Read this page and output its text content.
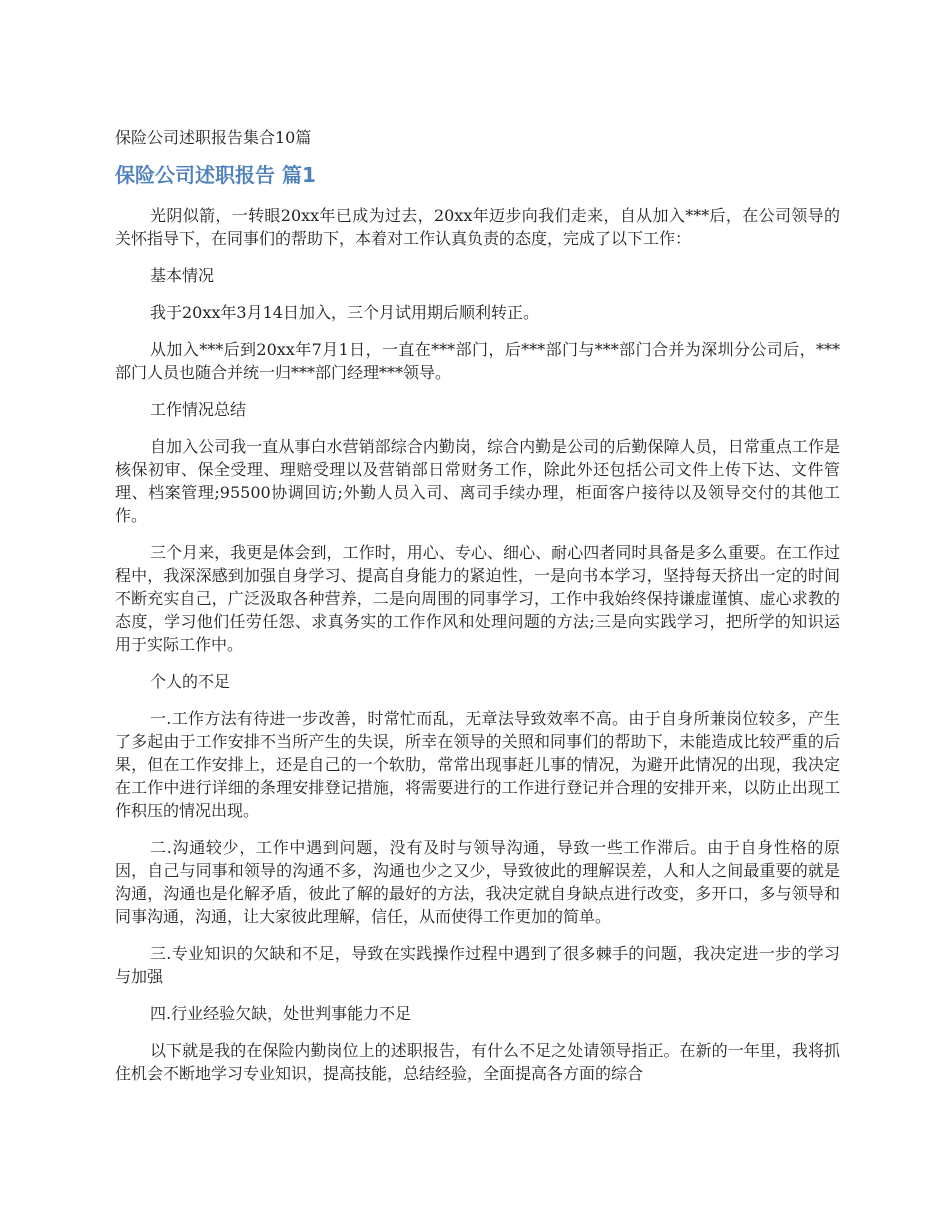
保险公司述职报告集合10篇

保险公司述职报告 篇1

光阴似箭，一转眼20xx年已成为过去，20xx年迈步向我们走来，自从加入***后，在公司领导的关怀指导下，在同事们的帮助下，本着对工作认真负责的态度，完成了以下工作：

基本情况

我于20xx年3月14日加入，三个月试用期后顺利转正。

从加入***后到20xx年7月1日，一直在***部门，后***部门与***部门合并为深圳分公司后，***部门人员也随合并统一归***部门经理***领导。

工作情况总结

自加入公司我一直从事白水营销部综合内勤岗，综合内勤是公司的后勤保障人员，日常重点工作是核保初审、保全受理、理赔受理以及营销部日常财务工作，除此外还包括公司文件上传下达、文件管理、档案管理;95500协调回访;外勤人员入司、离司手续办理，柜面客户接待以及领导交付的其他工作。

三个月来，我更是体会到，工作时，用心、专心、细心、耐心四者同时具备是多么重要。在工作过程中，我深深感到加强自身学习、提高自身能力的紧迫性，一是向书本学习，坚持每天挤出一定的时间不断充实自己，广泛汲取各种营养，二是向周围的同事学习，工作中我始终保持谦虚谨慎、虚心求教的态度，学习他们任劳任怨、求真务实的工作作风和处理问题的方法;三是向实践学习，把所学的知识运用于实际工作中。

个人的不足

一.工作方法有待进一步改善，时常忙而乱，无章法导致效率不高。由于自身所兼岗位较多，产生了多起由于工作安排不当所产生的失误，所幸在领导的关照和同事们的帮助下，未能造成比较严重的后果，但在工作安排上，还是自己的一个软肋，常常出现事赶儿事的情况，为避开此情况的出现，我决定在工作中进行详细的条理安排登记措施，将需要进行的工作进行登记并合理的安排开来，以防止出现工作积压的情况出现。

二.沟通较少，工作中遇到问题，没有及时与领导沟通，导致一些工作滞后。由于自身性格的原因，自己与同事和领导的沟通不多，沟通也少之又少，导致彼此的理解误差，人和人之间最重要的就是沟通，沟通也是化解矛盾，彼此了解的最好的方法，我决定就自身缺点进行改变，多开口，多与领导和同事沟通，沟通，让大家彼此理解，信任，从而使得工作更加的简单。

三.专业知识的欠缺和不足，导致在实践操作过程中遇到了很多棘手的问题，我决定进一步的学习与加强

四.行业经验欠缺，处世判事能力不足

以下就是我的在保险内勤岗位上的述职报告，有什么不足之处请领导指正。在新的一年里，我将抓住机会不断地学习专业知识，提高技能，总结经验，全面提高各方面的综合
